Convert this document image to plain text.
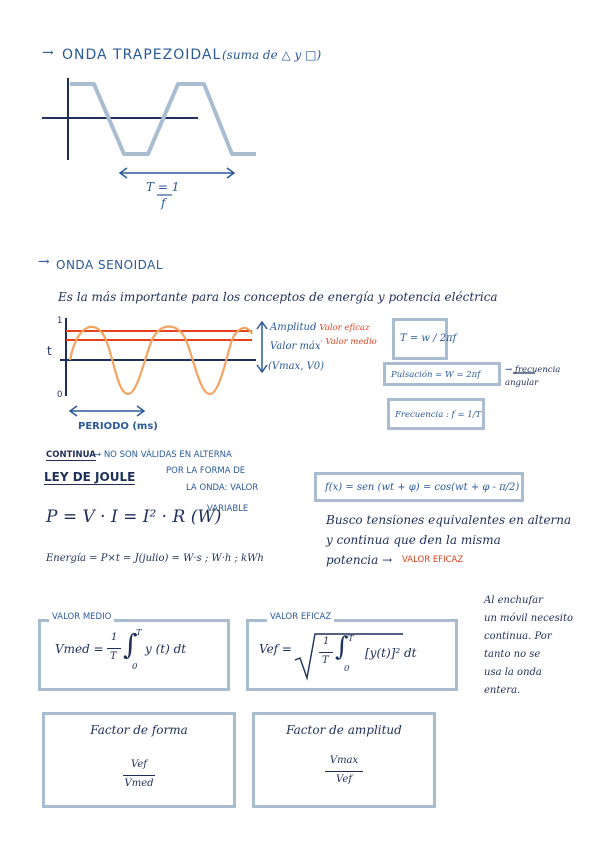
→ ONDA TRAPEZOIDAL (suma de △ y □)
T = 1
f
→ ONDA SENOIDAL
Es la más importante para los conceptos de energía y potencia eléctrica
1
t
0
Amplitud
· Valor eficaz
Valor máx · Valor medio
(Vmax, V0)
PERIODO (ms)
T = w / 2πf
Pulsación = W = 2πf	→ frecuencia angular
Frecuencia : f = 1/T
CONTINUA
→ NO SON VÁLIDAS EN ALTERNA
POR LA FORMA DE
LA ONDA: VALOR
VARIABLE
LEY DE JOULE
P = V · I = I² · R (W)
Energía = P×t = J(julio) = W·s ; W·h ; kWh
f(x) = sen (wt + φ) = cos(wt + φ - π/2)
Busco tensiones equivalentes en alterna
y continua que den la misma
potencia → VALOR EFICAZ
VALOR MEDIO
Vmed =
1
T ∫
T
0
y (t) dt
VALOR EFICAZ
Vef =
1
T ∫ T
0
[y(t)]² dt
Al enchufar
un móvil necesito
continua. Por
tanto no se
usa la onda
entera.
Factor de forma
Vef
Vmed
Factor de amplitud
Vmax
Vef
